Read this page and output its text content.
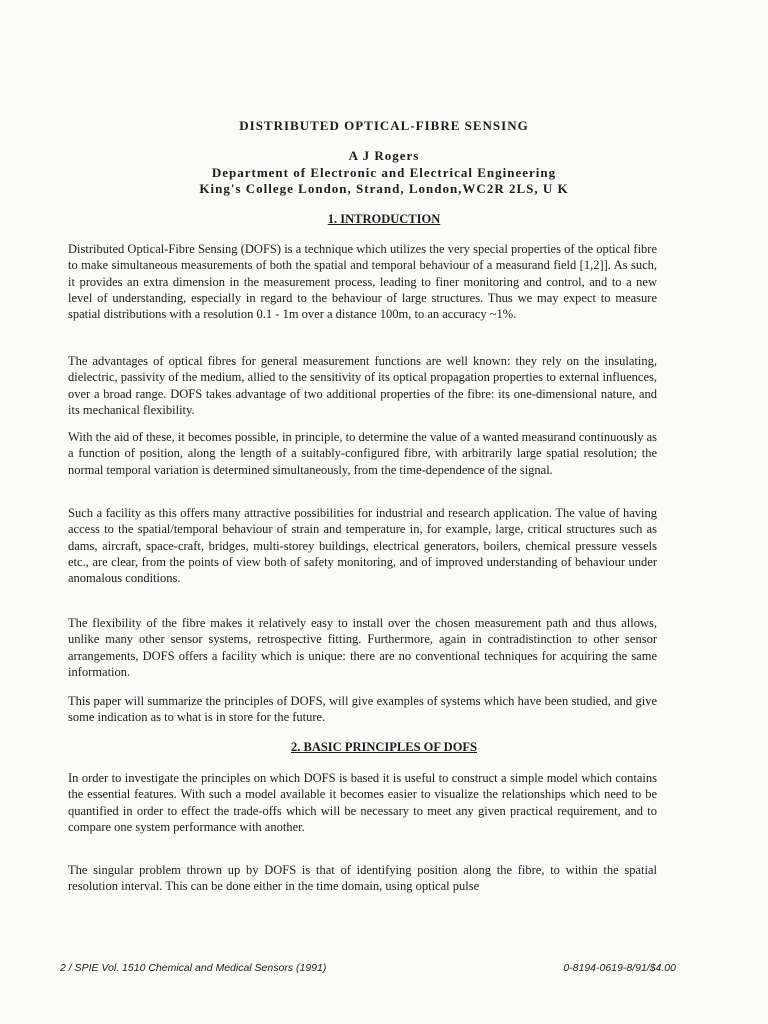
DISTRIBUTED OPTICAL-FIBRE SENSING

A J Rogers

Department of Electronic and Electrical Engineering

King's College London, Strand, London,WC2R 2LS, U K

1. INTRODUCTION

Distributed Optical-Fibre Sensing (DOFS) is a technique which utilizes the very special properties of the optical fibre to make simultaneous measurements of both the spatial and temporal behaviour of a measurand field [1,2]]. As such, it provides an extra dimension in the measurement process, leading to finer monitoring and control, and to a new level of understanding, especially in regard to the behaviour of large structures. Thus we may expect to measure spatial distributions with a resolution 0.1 - 1m over a distance 100m, to an accuracy ~1%.

The advantages of optical fibres for general measurement functions are well known: they rely on the insulating, dielectric, passivity of the medium, allied to the sensitivity of its optical propagation properties to external influences, over a broad range. DOFS takes advantage of two additional properties of the fibre: its one-dimensional nature, and its mechanical flexibility.

With the aid of these, it becomes possible, in principle, to determine the value of a wanted measurand continuously as a function of position, along the length of a suitably-configured fibre, with arbitrarily large spatial resolution; the normal temporal variation is determined simultaneously, from the time-dependence of the signal.

Such a facility as this offers many attractive possibilities for industrial and research application. The value of having access to the spatial/temporal behaviour of strain and temperature in, for example, large, critical structures such as dams, aircraft, space-craft, bridges, multi-storey buildings, electrical generators, boilers, chemical pressure vessels etc., are clear, from the points of view both of safety monitoring, and of improved understanding of behaviour under anomalous conditions.

The flexibility of the fibre makes it relatively easy to install over the chosen measurement path and thus allows, unlike many other sensor systems, retrospective fitting. Furthermore, again in contradistinction to other sensor arrangements, DOFS offers a facility which is unique: there are no conventional techniques for acquiring the same information.

This paper will summarize the principles of DOFS, will give examples of systems which have been studied, and give some indication as to what is in store for the future.

2. BASIC PRINCIPLES OF DOFS

In order to investigate the principles on which DOFS is based it is useful to construct a simple model which contains the essential features. With such a model available it becomes easier to visualize the relationships which need to be quantified in order to effect the trade-offs which will be necessary to meet any given practical requirement, and to compare one system performance with another.

The singular problem thrown up by DOFS is that of identifying position along the fibre, to within the spatial resolution interval. This can be done either in the time domain, using optical pulse

2 / SPIE Vol. 1510 Chemical and Medical Sensors (1991)	0-8194-0619-8/91/$4.00
